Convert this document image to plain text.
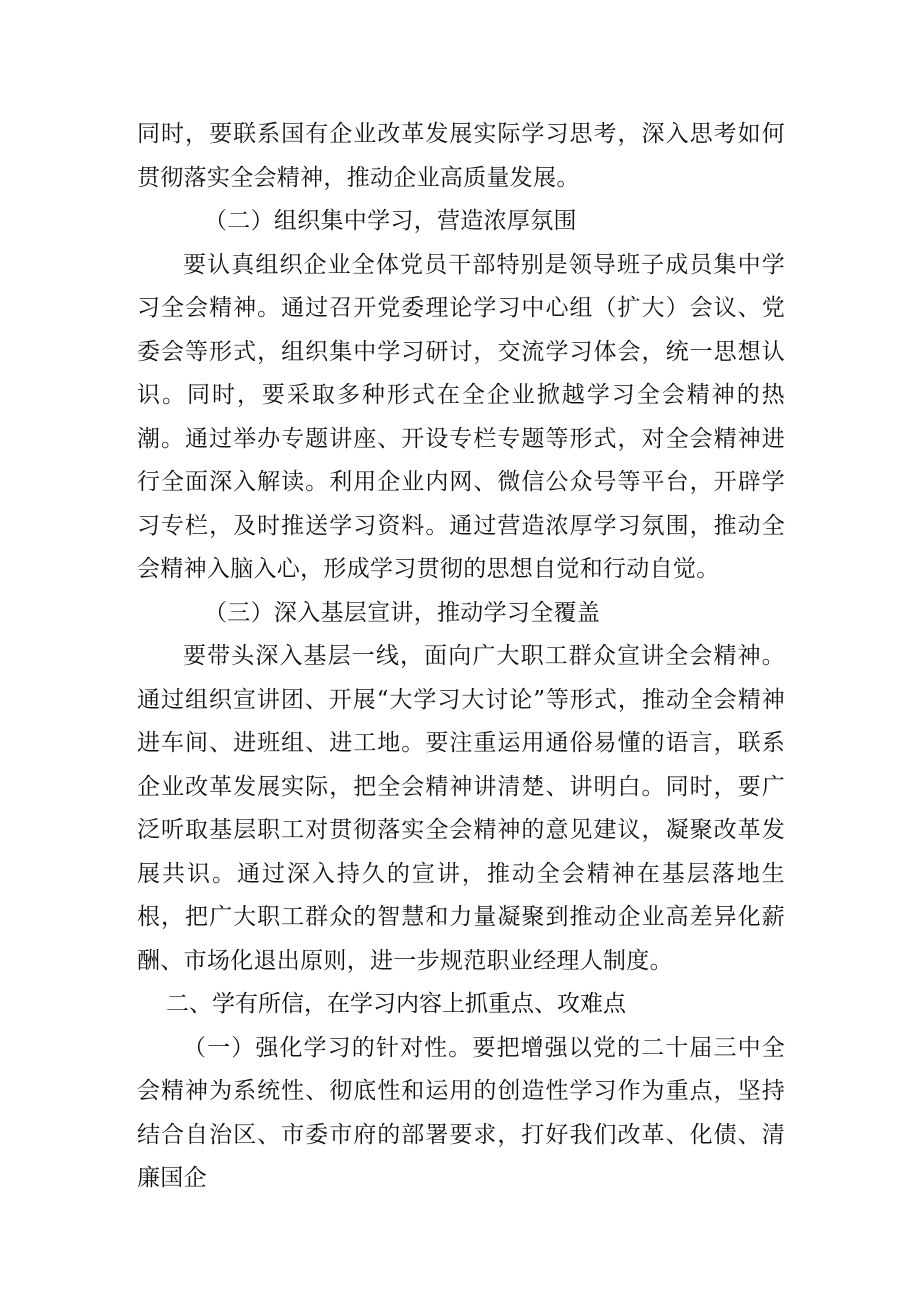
同时，要联系国有企业改革发展实际学习思考，深入思考如何贯彻落实全会精神，推动企业高质量发展。

（二）组织集中学习，营造浓厚氛围

要认真组织企业全体党员干部特别是领导班子成员集中学习全会精神。通过召开党委理论学习中心组（扩大）会议、党委会等形式，组织集中学习研讨，交流学习体会，统一思想认识。同时，要采取多种形式在全企业掀越学习全会精神的热潮。通过举办专题讲座、开设专栏专题等形式，对全会精神进行全面深入解读。利用企业内网、微信公众号等平台，开辟学习专栏，及时推送学习资料。通过营造浓厚学习氛围，推动全会精神入脑入心，形成学习贯彻的思想自觉和行动自觉。

（三）深入基层宣讲，推动学习全覆盖

要带头深入基层一线，面向广大职工群众宣讲全会精神。通过组织宣讲团、开展“大学习大讨论”等形式，推动全会精神进车间、进班组、进工地。要注重运用通俗易懂的语言，联系企业改革发展实际，把全会精神讲清楚、讲明白。同时，要广泛听取基层职工对贯彻落实全会精神的意见建议，凝聚改革发展共识。通过深入持久的宣讲，推动全会精神在基层落地生根，把广大职工群众的智慧和力量凝聚到推动企业高差异化薪酬、市场化退出原则，进一步规范职业经理人制度。

二、学有所信，在学习内容上抓重点、攻难点

（一）强化学习的针对性。要把增强以党的二十届三中全会精神为系统性、彻底性和运用的创造性学习作为重点，坚持结合自治区、市委市府的部署要求，打好我们改革、化债、清廉国企
